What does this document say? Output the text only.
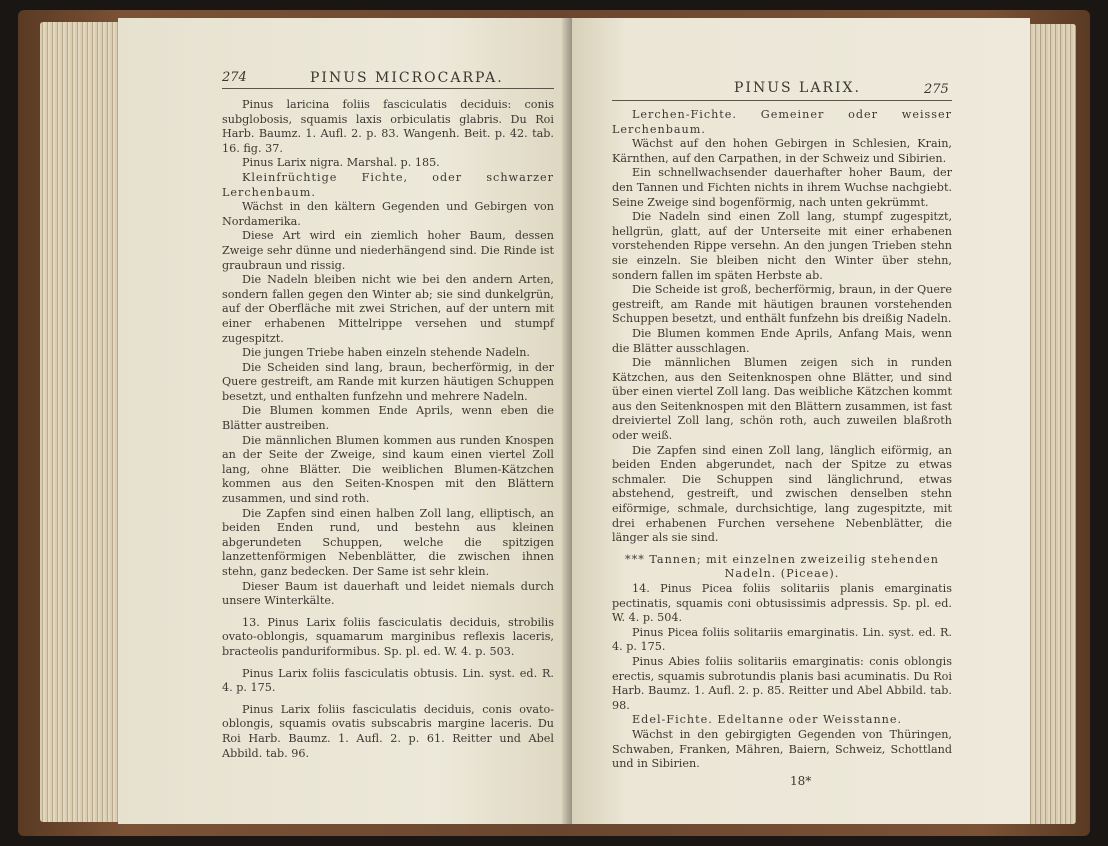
274	PINUS MICROCARPA.

Pinus laricina foliis fasciculatis deciduis: conis subglobosis, squamis laxis orbiculatis glabris. Du Roi Harb. Baumz. 1. Aufl. 2. p. 83. Wangenh. Beit. p. 42. tab. 16. fig. 37.

Pinus Larix nigra. Marshal. p. 185.

Kleinfrüchtige Fichte, oder schwarzer Lerchenbaum.

Wächst in den kältern Gegenden und Gebirgen von Nordamerika.

Diese Art wird ein ziemlich hoher Baum, dessen Zweige sehr dünne und niederhängend sind. Die Rinde ist graubraun und rissig.

Die Nadeln bleiben nicht wie bei den andern Arten, sondern fallen gegen den Winter ab; sie sind dunkelgrün, auf der Oberfläche mit zwei Strichen, auf der untern mit einer erhabenen Mittelrippe versehen und stumpf zugespitzt.

Die jungen Triebe haben einzeln stehende Nadeln.

Die Scheiden sind lang, braun, becherförmig, in der Quere gestreift, am Rande mit kurzen häutigen Schuppen besetzt, und enthalten funfzehn und mehrere Nadeln.

Die Blumen kommen Ende Aprils, wenn eben die Blätter austreiben.

Die männlichen Blumen kommen aus runden Knospen an der Seite der Zweige, sind kaum einen viertel Zoll lang, ohne Blätter. Die weiblichen Blumen-Kätzchen kommen aus den Seiten-Knospen mit den Blättern zusammen, und sind roth.

Die Zapfen sind einen halben Zoll lang, elliptisch, an beiden Enden rund, und bestehn aus kleinen abgerundeten Schuppen, welche die spitzigen lanzettenförmigen Nebenblätter, die zwischen ihnen stehn, ganz bedecken. Der Same ist sehr klein.

Dieser Baum ist dauerhaft und leidet niemals durch unsere Winterkälte.

13. Pinus Larix foliis fasciculatis deciduis, strobilis ovato-oblongis, squamarum marginibus reflexis laceris, bracteolis panduriformibus. Sp. pl. ed. W. 4. p. 503.

Pinus Larix foliis fasciculatis obtusis. Lin. syst. ed. R. 4. p. 175.

Pinus Larix foliis fasciculatis deciduis, conis ovato-oblongis, squamis ovatis subscabris margine laceris. Du Roi Harb. Baumz. 1. Aufl. 2. p. 61. Reitter und Abel Abbild. tab. 96.

PINUS LARIX.	275

Lerchen-Fichte. Gemeiner oder weisser Lerchenbaum.

Wächst auf den hohen Gebirgen in Schlesien, Krain, Kärnthen, auf den Carpathen, in der Schweiz und Sibirien.

Ein schnellwachsender dauerhafter hoher Baum, der den Tannen und Fichten nichts in ihrem Wuchse nachgiebt. Seine Zweige sind bogenförmig, nach unten gekrümmt.

Die Nadeln sind einen Zoll lang, stumpf zugespitzt, hellgrün, glatt, auf der Unterseite mit einer erhabenen vorstehenden Rippe versehn. An den jungen Trieben stehn sie einzeln. Sie bleiben nicht den Winter über stehn, sondern fallen im späten Herbste ab.

Die Scheide ist groß, becherförmig, braun, in der Quere gestreift, am Rande mit häutigen braunen vorstehenden Schuppen besetzt, und enthält funfzehn bis dreißig Nadeln.

Die Blumen kommen Ende Aprils, Anfang Mais, wenn die Blätter ausschlagen.

Die männlichen Blumen zeigen sich in runden Kätzchen, aus den Seitenknospen ohne Blätter, und sind über einen viertel Zoll lang. Das weibliche Kätzchen kommt aus den Seitenknospen mit den Blättern zusammen, ist fast dreiviertel Zoll lang, schön roth, auch zuweilen blaßroth oder weiß.

Die Zapfen sind einen Zoll lang, länglich eiförmig, an beiden Enden abgerundet, nach der Spitze zu etwas schmaler. Die Schuppen sind länglichrund, etwas abstehend, gestreift, und zwischen denselben stehn eiförmige, schmale, durchsichtige, lang zugespitzte, mit drei erhabenen Furchen versehene Nebenblätter, die länger als sie sind.

*** Tannen; mit einzelnen zweizeilig stehenden Nadeln. (Piceae).

14. Pinus Picea foliis solitariis planis emarginatis pectinatis, squamis coni obtusissimis adpressis. Sp. pl. ed. W. 4. p. 504.

Pinus Picea foliis solitariis emarginatis. Lin. syst. ed. R. 4. p. 175.

Pinus Abies foliis solitariis emarginatis: conis oblongis erectis, squamis subrotundis planis basi acuminatis. Du Roi Harb. Baumz. 1. Aufl. 2. p. 85. Reitter und Abel Abbild. tab. 98.

Edel-Fichte. Edeltanne oder Weisstanne.

Wächst in den gebirgigten Gegenden von Thüringen, Schwaben, Franken, Mähren, Baiern, Schweiz, Schottland und in Sibirien.

18*
